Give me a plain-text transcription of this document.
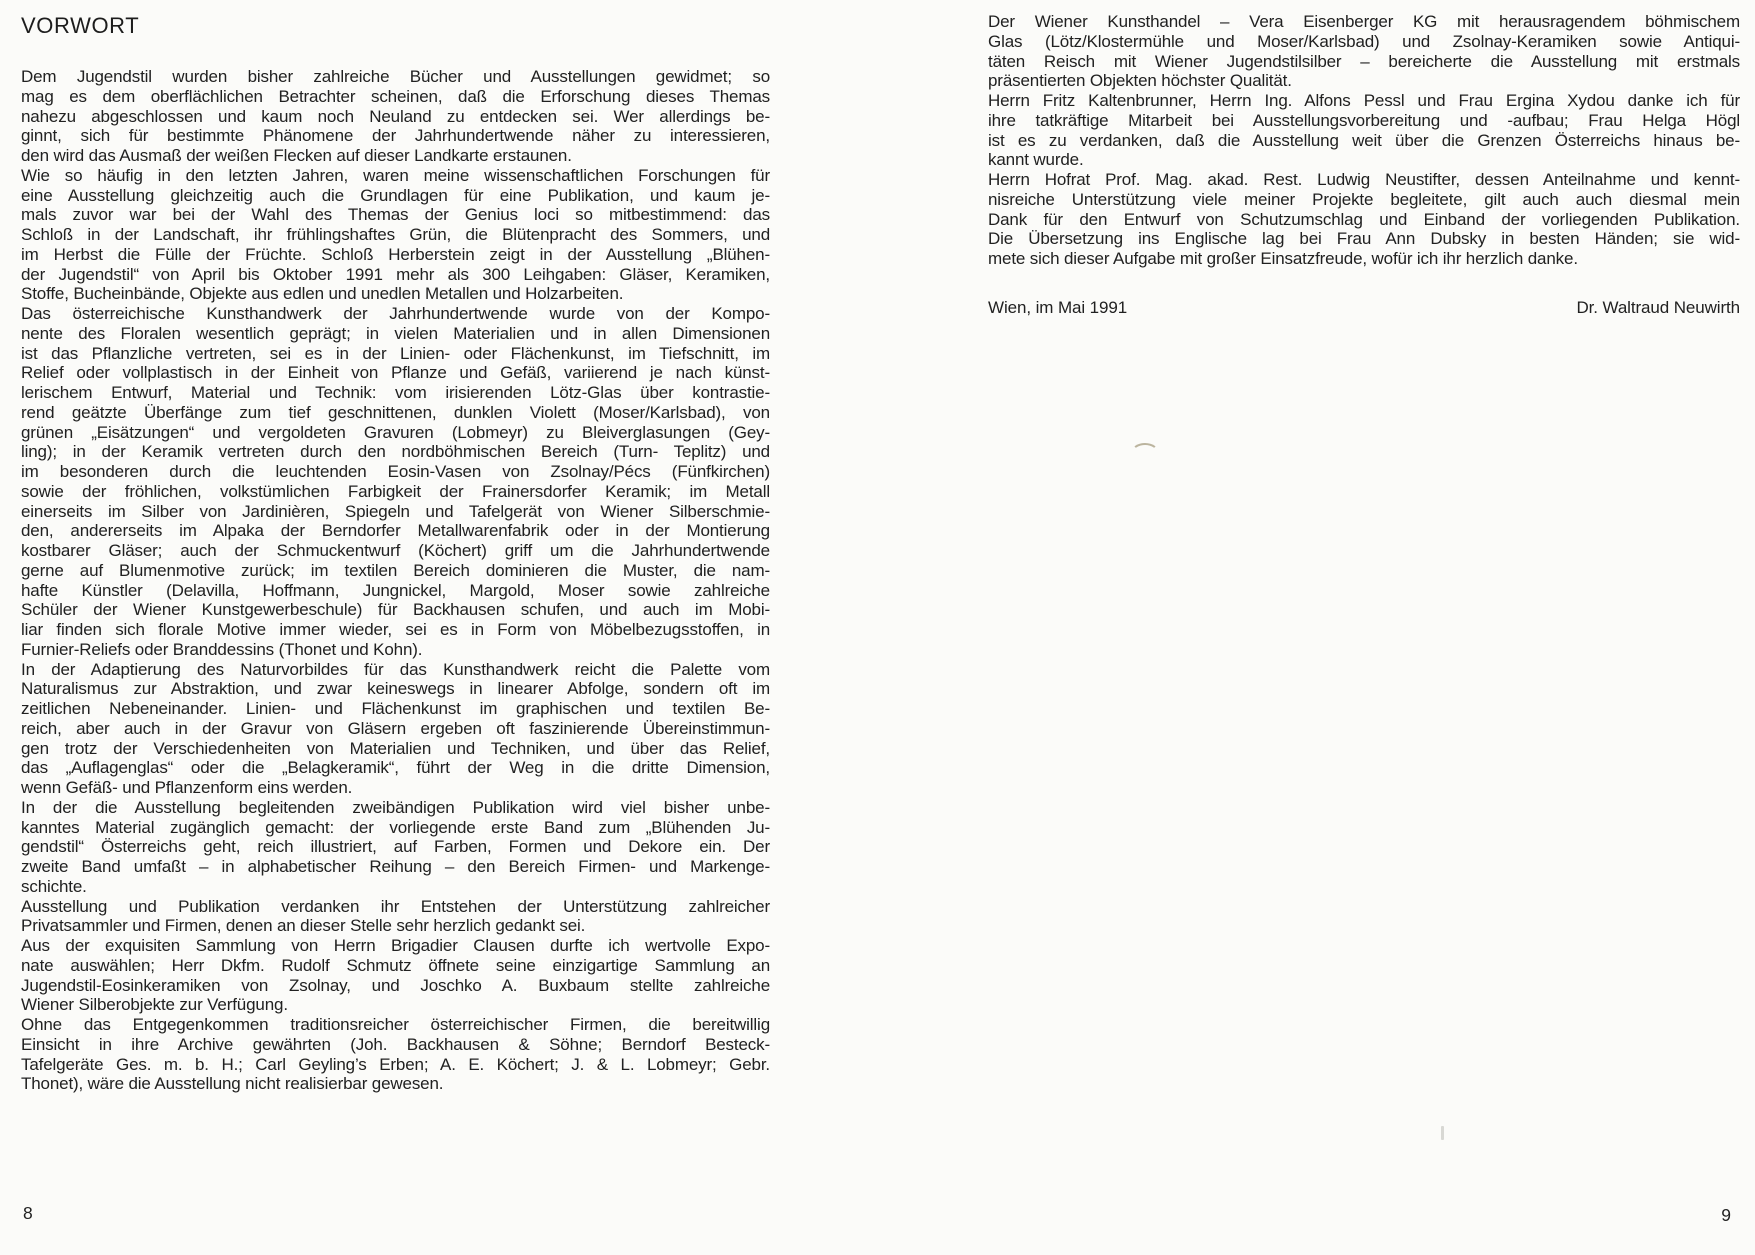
VORWORT
Dem Jugendstil wurden bisher zahlreiche Bücher und Ausstellungen gewidmet; so
mag es dem oberflächlichen Betrachter scheinen, daß die Erforschung dieses Themas
nahezu abgeschlossen und kaum noch Neuland zu entdecken sei. Wer allerdings be-
ginnt, sich für bestimmte Phänomene der Jahrhundertwende näher zu interessieren,
den wird das Ausmaß der weißen Flecken auf dieser Landkarte erstaunen.
Wie so häufig in den letzten Jahren, waren meine wissenschaftlichen Forschungen für
eine Ausstellung gleichzeitig auch die Grundlagen für eine Publikation, und kaum je-
mals zuvor war bei der Wahl des Themas der Genius loci so mitbestimmend: das
Schloß in der Landschaft, ihr frühlingshaftes Grün, die Blütenpracht des Sommers, und
im Herbst die Fülle der Früchte. Schloß Herberstein zeigt in der Ausstellung „Blühen-
der Jugendstil“ von April bis Oktober 1991 mehr als 300 Leihgaben: Gläser, Keramiken,
Stoffe, Bucheinbände, Objekte aus edlen und unedlen Metallen und Holzarbeiten.
Das österreichische Kunsthandwerk der Jahrhundertwende wurde von der Kompo-
nente des Floralen wesentlich geprägt; in vielen Materialien und in allen Dimensionen
ist das Pflanzliche vertreten, sei es in der Linien- oder Flächenkunst, im Tiefschnitt, im
Relief oder vollplastisch in der Einheit von Pflanze und Gefäß, variierend je nach künst-
lerischem Entwurf, Material und Technik: vom irisierenden Lötz-Glas über kontrastie-
rend geätzte Überfänge zum tief geschnittenen, dunklen Violett (Moser/Karlsbad), von
grünen „Eisätzungen“ und vergoldeten Gravuren (Lobmeyr) zu Bleiverglasungen (Gey-
ling); in der Keramik vertreten durch den nordböhmischen Bereich (Turn- Teplitz) und
im besonderen durch die leuchtenden Eosin-Vasen von Zsolnay/Pécs (Fünfkirchen)
sowie der fröhlichen, volkstümlichen Farbigkeit der Frainersdorfer Keramik; im Metall
einerseits im Silber von Jardinièren, Spiegeln und Tafelgerät von Wiener Silberschmie-
den, andererseits im Alpaka der Berndorfer Metallwarenfabrik oder in der Montierung
kostbarer Gläser; auch der Schmuckentwurf (Köchert) griff um die Jahrhundertwende
gerne auf Blumenmotive zurück; im textilen Bereich dominieren die Muster, die nam-
hafte Künstler (Delavilla, Hoffmann, Jungnickel, Margold, Moser sowie zahlreiche
Schüler der Wiener Kunstgewerbeschule) für Backhausen schufen, und auch im Mobi-
liar finden sich florale Motive immer wieder, sei es in Form von Möbelbezugsstoffen, in
Furnier-Reliefs oder Branddessins (Thonet und Kohn).
In der Adaptierung des Naturvorbildes für das Kunsthandwerk reicht die Palette vom
Naturalismus zur Abstraktion, und zwar keineswegs in linearer Abfolge, sondern oft im
zeitlichen Nebeneinander. Linien- und Flächenkunst im graphischen und textilen Be-
reich, aber auch in der Gravur von Gläsern ergeben oft faszinierende Übereinstimmun-
gen trotz der Verschiedenheiten von Materialien und Techniken, und über das Relief,
das „Auflagenglas“ oder die „Belagkeramik“, führt der Weg in die dritte Dimension,
wenn Gefäß- und Pflanzenform eins werden.
In der die Ausstellung begleitenden zweibändigen Publikation wird viel bisher unbe-
kanntes Material zugänglich gemacht: der vorliegende erste Band zum „Blühenden Ju-
gendstil“ Österreichs geht, reich illustriert, auf Farben, Formen und Dekore ein. Der
zweite Band umfaßt – in alphabetischer Reihung – den Bereich Firmen- und Markenge-
schichte.
Ausstellung und Publikation verdanken ihr Entstehen der Unterstützung zahlreicher
Privatsammler und Firmen, denen an dieser Stelle sehr herzlich gedankt sei.
Aus der exquisiten Sammlung von Herrn Brigadier Clausen durfte ich wertvolle Expo-
nate auswählen; Herr Dkfm. Rudolf Schmutz öffnete seine einzigartige Sammlung an
Jugendstil-Eosinkeramiken von Zsolnay, und Joschko A. Buxbaum stellte zahlreiche
Wiener Silberobjekte zur Verfügung.
Ohne das Entgegenkommen traditionsreicher österreichischer Firmen, die bereitwillig
Einsicht in ihre Archive gewährten (Joh. Backhausen & Söhne; Berndorf Besteck-
Tafelgeräte Ges. m. b. H.; Carl Geyling’s Erben; A. E. Köchert; J. & L. Lobmeyr; Gebr.
Thonet), wäre die Ausstellung nicht realisierbar gewesen.
Der Wiener Kunsthandel – Vera Eisenberger KG mit herausragendem böhmischem
Glas (Lötz/Klostermühle und Moser/Karlsbad) und Zsolnay-Keramiken sowie Antiqui-
täten Reisch mit Wiener Jugendstilsilber – bereicherte die Ausstellung mit erstmals
präsentierten Objekten höchster Qualität.
Herrn Fritz Kaltenbrunner, Herrn Ing. Alfons Pessl und Frau Ergina Xydou danke ich für
ihre tatkräftige Mitarbeit bei Ausstellungsvorbereitung und -aufbau; Frau Helga Högl
ist es zu verdanken, daß die Ausstellung weit über die Grenzen Österreichs hinaus be-
kannt wurde.
Herrn Hofrat Prof. Mag. akad. Rest. Ludwig Neustifter, dessen Anteilnahme und kennt-
nisreiche Unterstützung viele meiner Projekte begleitete, gilt auch auch diesmal mein
Dank für den Entwurf von Schutzumschlag und Einband der vorliegenden Publikation.
Die Übersetzung ins Englische lag bei Frau Ann Dubsky in besten Händen; sie wid-
mete sich dieser Aufgabe mit großer Einsatzfreude, wofür ich ihr herzlich danke.
Wien, im Mai 1991	Dr. Waltraud Neuwirth
8	9
